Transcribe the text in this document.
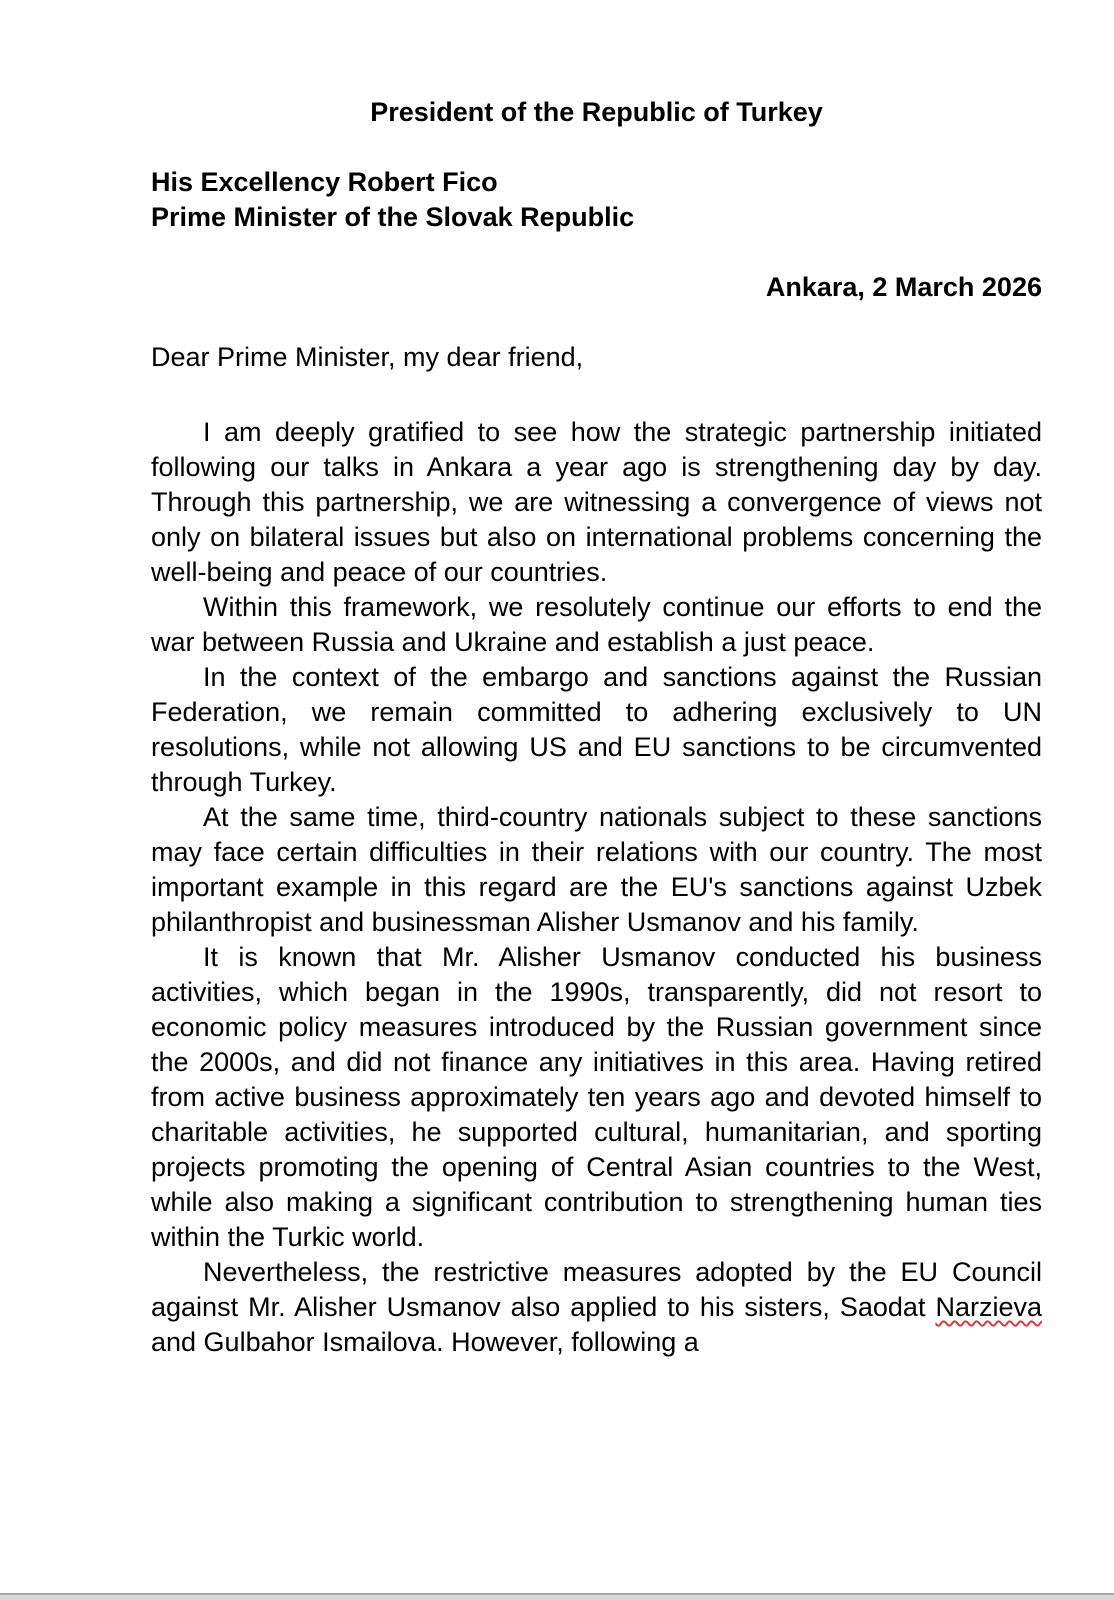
President of the Republic of Turkey
His Excellency Robert Fico
Prime Minister of the Slovak Republic
Ankara, 2 March 2026
Dear Prime Minister, my dear friend,

I am deeply gratified to see how the strategic partnership initiated following our talks in Ankara a year ago is strengthening day by day. Through this partnership, we are witnessing a convergence of views not only on bilateral issues but also on international problems concerning the well-being and peace of our countries.

Within this framework, we resolutely continue our efforts to end the war between Russia and Ukraine and establish a just peace.

In the context of the embargo and sanctions against the Russian Federation, we remain committed to adhering exclusively to UN resolutions, while not allowing US and EU sanctions to be circumvented through Turkey.

At the same time, third-country nationals subject to these sanctions may face certain difficulties in their relations with our country. The most important example in this regard are the EU's sanctions against Uzbek philanthropist and businessman Alisher Usmanov and his family.

It is known that Mr. Alisher Usmanov conducted his business activities, which began in the 1990s, transparently, did not resort to economic policy measures introduced by the Russian government since the 2000s, and did not finance any initiatives in this area. Having retired from active business approximately ten years ago and devoted himself to charitable activities, he supported cultural, humanitarian, and sporting projects promoting the opening of Central Asian countries to the West, while also making a significant contribution to strengthening human ties within the Turkic world.

Nevertheless, the restrictive measures adopted by the EU Council against Mr. Alisher Usmanov also applied to his sisters, Saodat Narzieva and Gulbahor Ismailova. However, following a
